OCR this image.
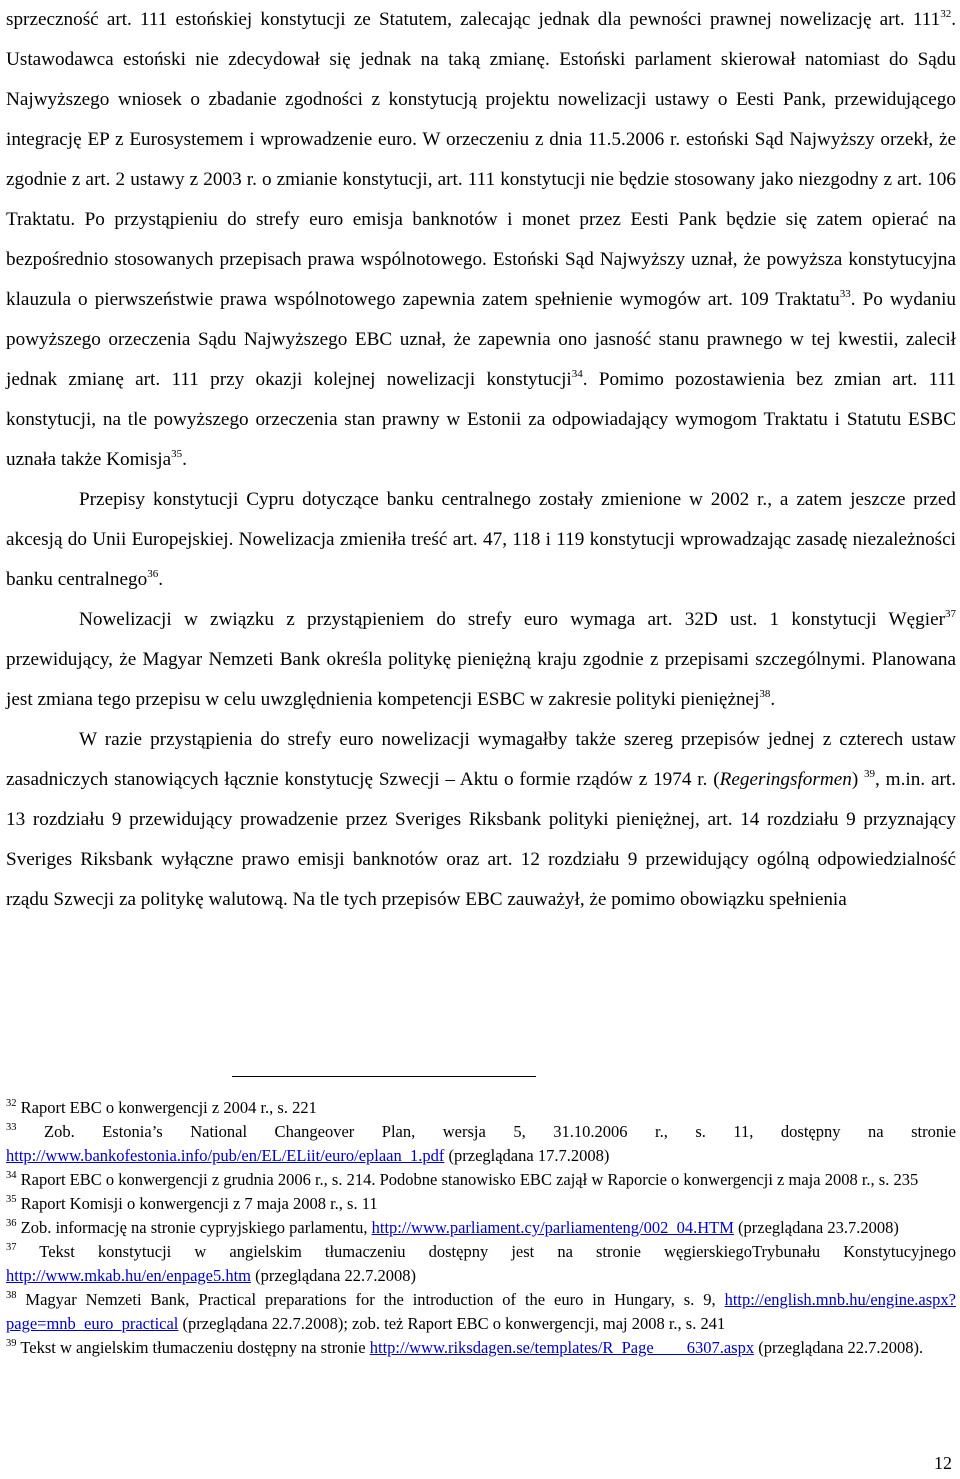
sprzeczność art. 111 estońskiej konstytucji ze Statutem, zalecając jednak dla pewności prawnej nowelizację art. $111^{32}$. Ustawodawca estoński nie zdecydował się jednak na taką zmianę. Estoński parlament skierował natomiast do Sądu Najwyższego wniosek o zbadanie zgodności z konstytucją projektu nowelizacji ustawy o Eesti Pank, przewidującego integrację EP z Eurosystemem i wprowadzenie euro. W orzeczeniu z dnia 11.5.2006 r. estoński Sąd Najwyższy orzekł, że zgodnie z art. 2 ustawy z 2003 r. o zmianie konstytucji, art. 111 konstytucji nie będzie stosowany jako niezgodny z art. 106 Traktatu. Po przystąpieniu do strefy euro emisja banknotów i monet przez Eesti Pank będzie się zatem opierać na bezpośrednio stosowanych przepisach prawa wspólnotowego. Estoński Sąd Najwyższy uznał, że powyższa konstytucyjna klauzula o pierwszeństwie prawa wspólnotowego zapewnia zatem spełnienie wymogów art. 109 Traktatu$^{33}$. Po wydaniu powyższego orzeczenia Sądu Najwyższego EBC uznał, że zapewnia ono jasność stanu prawnego w tej kwestii, zalecił jednak zmianę art. 111 przy okazji kolejnej nowelizacji konstytucji$^{34}$. Pomimo pozostawienia bez zmian art. 111 konstytucji, na tle powyższego orzeczenia stan prawny w Estonii za odpowiadający wymogom Traktatu i Statutu ESBC uznała także Komisja$^{35}$.

Przepisy konstytucji Cypru dotyczące banku centralnego zostały zmienione w 2002 r., a zatem jeszcze przed akcesją do Unii Europejskiej. Nowelizacja zmieniła treść art. 47, 118 i 119 konstytucji wprowadzając zasadę niezależności banku centralnego$^{36}$.

Nowelizacji w związku z przystąpieniem do strefy euro wymaga art. 32D ust. 1 konstytucji Węgier$^{37}$ przewidujący, że Magyar Nemzeti Bank określa politykę pieniężną kraju zgodnie z przepisami szczególnymi. Planowana jest zmiana tego przepisu w celu uwzględnienia kompetencji ESBC w zakresie polityki pieniężnej$^{38}$.

W razie przystąpienia do strefy euro nowelizacji wymagałby także szereg przepisów jednej z czterech ustaw zasadniczych stanowiących łącznie konstytucję Szwecji – Aktu o formie rządów z 1974 r. (Regeringsformen) $^{39}$, m.in. art. 13 rozdziału 9 przewidujący prowadzenie przez Sveriges Riksbank polityki pieniężnej, art. 14 rozdziału 9 przyznający Sveriges Riksbank wyłączne prawo emisji banknotów oraz art. 12 rozdziału 9 przewidujący ogólną odpowiedzialność rządu Szwecji za politykę walutową. Na tle tych przepisów EBC zauważył, że pomimo obowiązku spełnienia

$^{32}$ Raport EBC o konwergencji z 2004 r., s. 221

$^{33}$ Zob. Estonia’s National Changeover Plan, wersja 5, 31.10.2006 r., s. 11, dostępny na stronie http://www.bankofestonia.info/pub/en/EL/ELiit/euro/eplaan_1.pdf (przeglądana 17.7.2008)

$^{34}$ Raport EBC o konwergencji z grudnia 2006 r., s. 214. Podobne stanowisko EBC zajął w Raporcie o konwergencji z maja 2008 r., s. 235

$^{35}$ Raport Komisji o konwergencji z 7 maja 2008 r., s. 11

$^{36}$ Zob. informację na stronie cypryjskiego parlamentu, http://www.parliament.cy/parliamenteng/002_04.HTM (przeglądana 23.7.2008)

$^{37}$ Tekst konstytucji w angielskim tłumaczeniu dostępny jest na stronie węgierskiegoTrybunału Konstytucyjnego http://www.mkab.hu/en/enpage5.htm (przeglądana 22.7.2008)

$^{38}$ Magyar Nemzeti Bank, Practical preparations for the introduction of the euro in Hungary, s. 9, http://english.mnb.hu/engine.aspx?page=mnb_euro_practical (przeglądana 22.7.2008); zob. też Raport EBC o konwergencji, maj 2008 r., s. 241

$^{39}$ Tekst w angielskim tłumaczeniu dostępny na stronie http://www.riksdagen.se/templates/R_Page____6307.aspx (przeglądana 22.7.2008).

12
